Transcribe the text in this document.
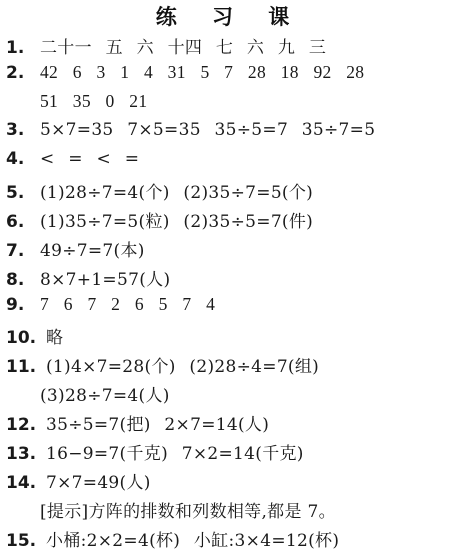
练 习 课
1. 二十一 五 六 十四 七 六 九 三
2. 42 6 3 1 4 31 5 7 28 18 92 28
51 35 0 21
3. 5×7=35 7×5=35 35÷5=7 35÷7=5
4. < = < =
5. (1)28÷7=4(个) (2)35÷7=5(个)
6. (1)35÷7=5(粒) (2)35÷5=7(件)
7. 49÷7=7(本)
8. 8×7+1=57(人)
9. 7 6 7 2 6 5 7 4
10. 略
11. (1)4×7=28(个) (2)28÷4=7(组)
(3)28÷7=4(人)
12. 35÷5=7(把) 2×7=14(人)
13. 16−9=7(千克) 7×2=14(千克)
14. 7×7=49(人)
[提示]方阵的排数和列数相等,都是 7。
15. 小桶:2×2=4(杯) 小缸:3×4=12(杯)
